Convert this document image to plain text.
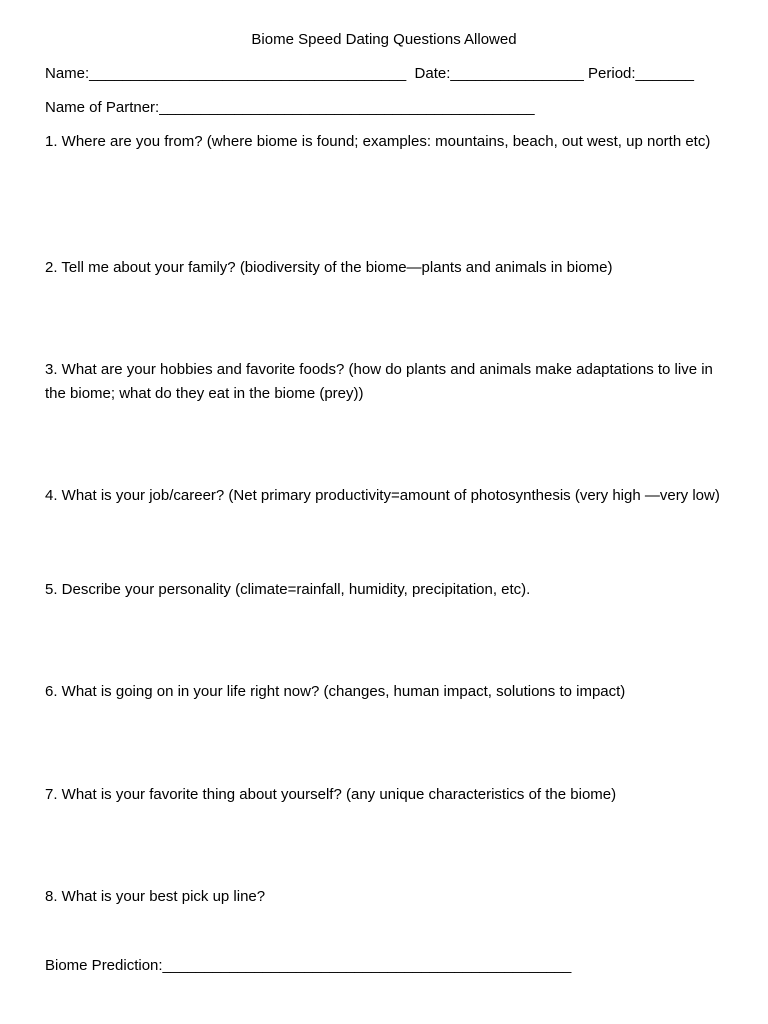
Biome Speed Dating Questions Allowed
Name:______________________________________  Date:________________ Period:_______
Name of Partner:_____________________________________________
1. Where are you from? (where biome is found; examples: mountains, beach, out west, up north etc)
2. Tell me about your family? (biodiversity of the biome—plants and animals in biome)
3. What are your hobbies and favorite foods? (how do plants and animals make adaptations to live in the biome; what do they eat in the biome (prey))
4. What is your job/career? (Net primary productivity=amount of photosynthesis (very high —very low)
5. Describe your personality (climate=rainfall, humidity, precipitation, etc).
6. What is going on in your life right now? (changes, human impact, solutions to impact)
7. What is your favorite thing about yourself? (any unique characteristics of the biome)
8. What is your best pick up line?
Biome Prediction:_________________________________________________
